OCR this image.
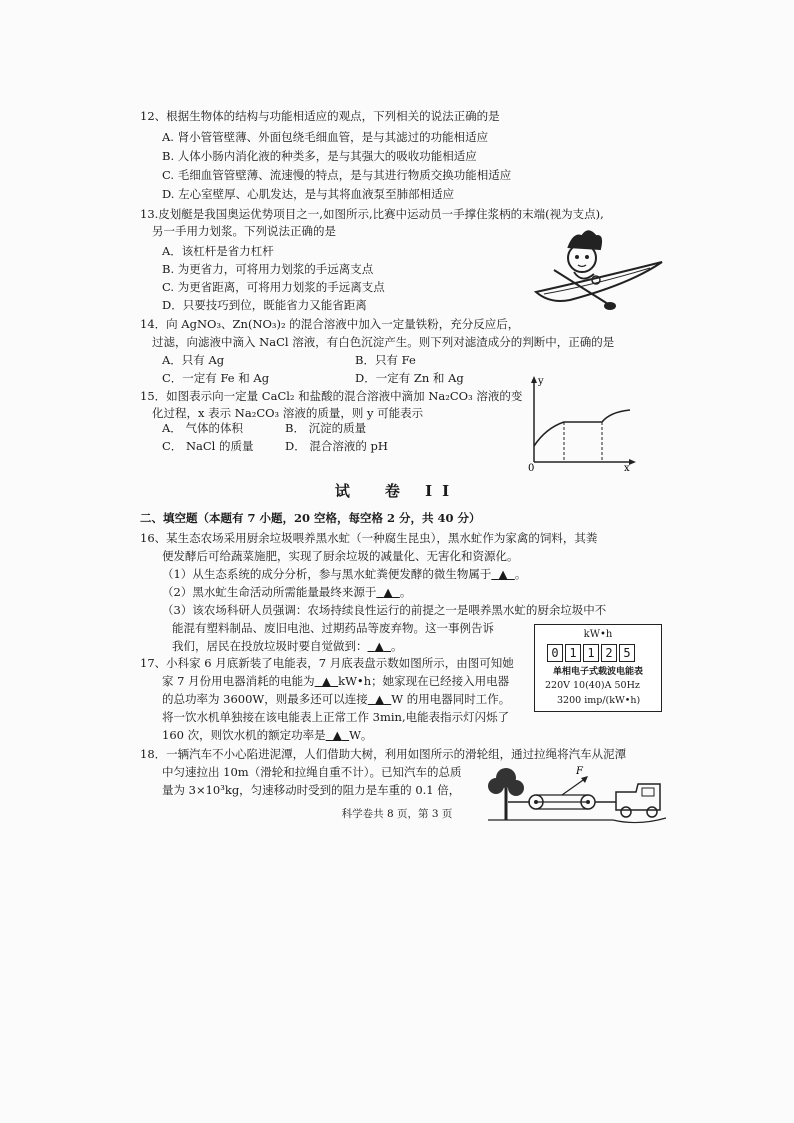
12、根据生物体的结构与功能相适应的观点，下列相关的说法正确的是
A. 肾小管管壁薄、外面包绕毛细血管，是与其滤过的功能相适应
B. 人体小肠内消化液的种类多，是与其强大的吸收功能相适应
C. 毛细血管管壁薄、流速慢的特点，是与其进行物质交换功能相适应
D. 左心室壁厚、心肌发达，是与其将血液泵至肺部相适应
13.皮划艇是我国奥运优势项目之一,如图所示,比赛中运动员一手撑住浆柄的末端(视为支点),
另一手用力划浆。下列说法正确的是
A．该杠杆是省力杠杆
B. 为更省力，可将用力划浆的手远离支点
C. 为更省距离，可将用力划浆的手远离支点
D．只要技巧到位，既能省力又能省距离
14．向 AgNO₃、Zn(NO₃)₂ 的混合溶液中加入一定量铁粉，充分反应后，
过滤，向滤液中滴入 NaCl 溶液，有白色沉淀产生。则下列对滤渣成分的判断中，正确的是
A．只有 Ag	B．只有 Fe
C．一定有 Fe 和 Ag	D．一定有 Zn 和 Ag
15．如图表示向一定量 CaCl₂ 和盐酸的混合溶液中滴加 Na₂CO₃ 溶液的变
化过程，x 表示 Na₂CO₃ 溶液的质量，则 y 可能表示
A． 气体的体积	B． 沉淀的质量
C． NaCl 的质量	D． 混合溶液的 pH
y
x
0
试　卷 II
二、填空题（本题有 7 小题，20 空格，每空格 2 分，共 40 分）
16、某生态农场采用厨余垃圾喂养黑水虻（一种腐生昆虫），黑水虻作为家禽的饲料，其粪
便发酵后可给蔬菜施肥，实现了厨余垃圾的减量化、无害化和资源化。
（1）从生态系统的成分分析，参与黑水虻粪便发酵的微生物属于 ▲ 。
（2）黑水虻生命活动所需能量最终来源于 ▲ 。
（3）该农场科研人员强调：农场持续良性运行的前提之一是喂养黑水虻的厨余垃圾中不
能混有塑料制品、废旧电池、过期药品等废弃物。这一事例告诉
我们，居民在投放垃圾时要自觉做到： ▲ 。
kW•h
0 1 1 2 5
单相电子式载波电能表
220V 10(40)A 50Hz
3200 imp/(kW•h)
17、小科家 6 月底新装了电能表，7 月底表盘示数如图所示，由图可知她
家 7 月份用电器消耗的电能为 ▲ kW•h；她家现在已经接入用电器
的总功率为 3600W，则最多还可以连接 ▲ W 的用电器同时工作。
将一饮水机单独接在该电能表上正常工作 3min,电能表指示灯闪烁了
160 次，则饮水机的额定功率是 ▲ W。
18．一辆汽车不小心陷进泥潭，人们借助大树，利用如图所示的滑轮组，通过拉绳将汽车从泥潭
中匀速拉出 10m（滑轮和拉绳自重不计）。已知汽车的总质
量为 3×10³kg，匀速移动时受到的阻力是车重的 0.1 倍，
F
科学卷共 8 页，第 3 页
